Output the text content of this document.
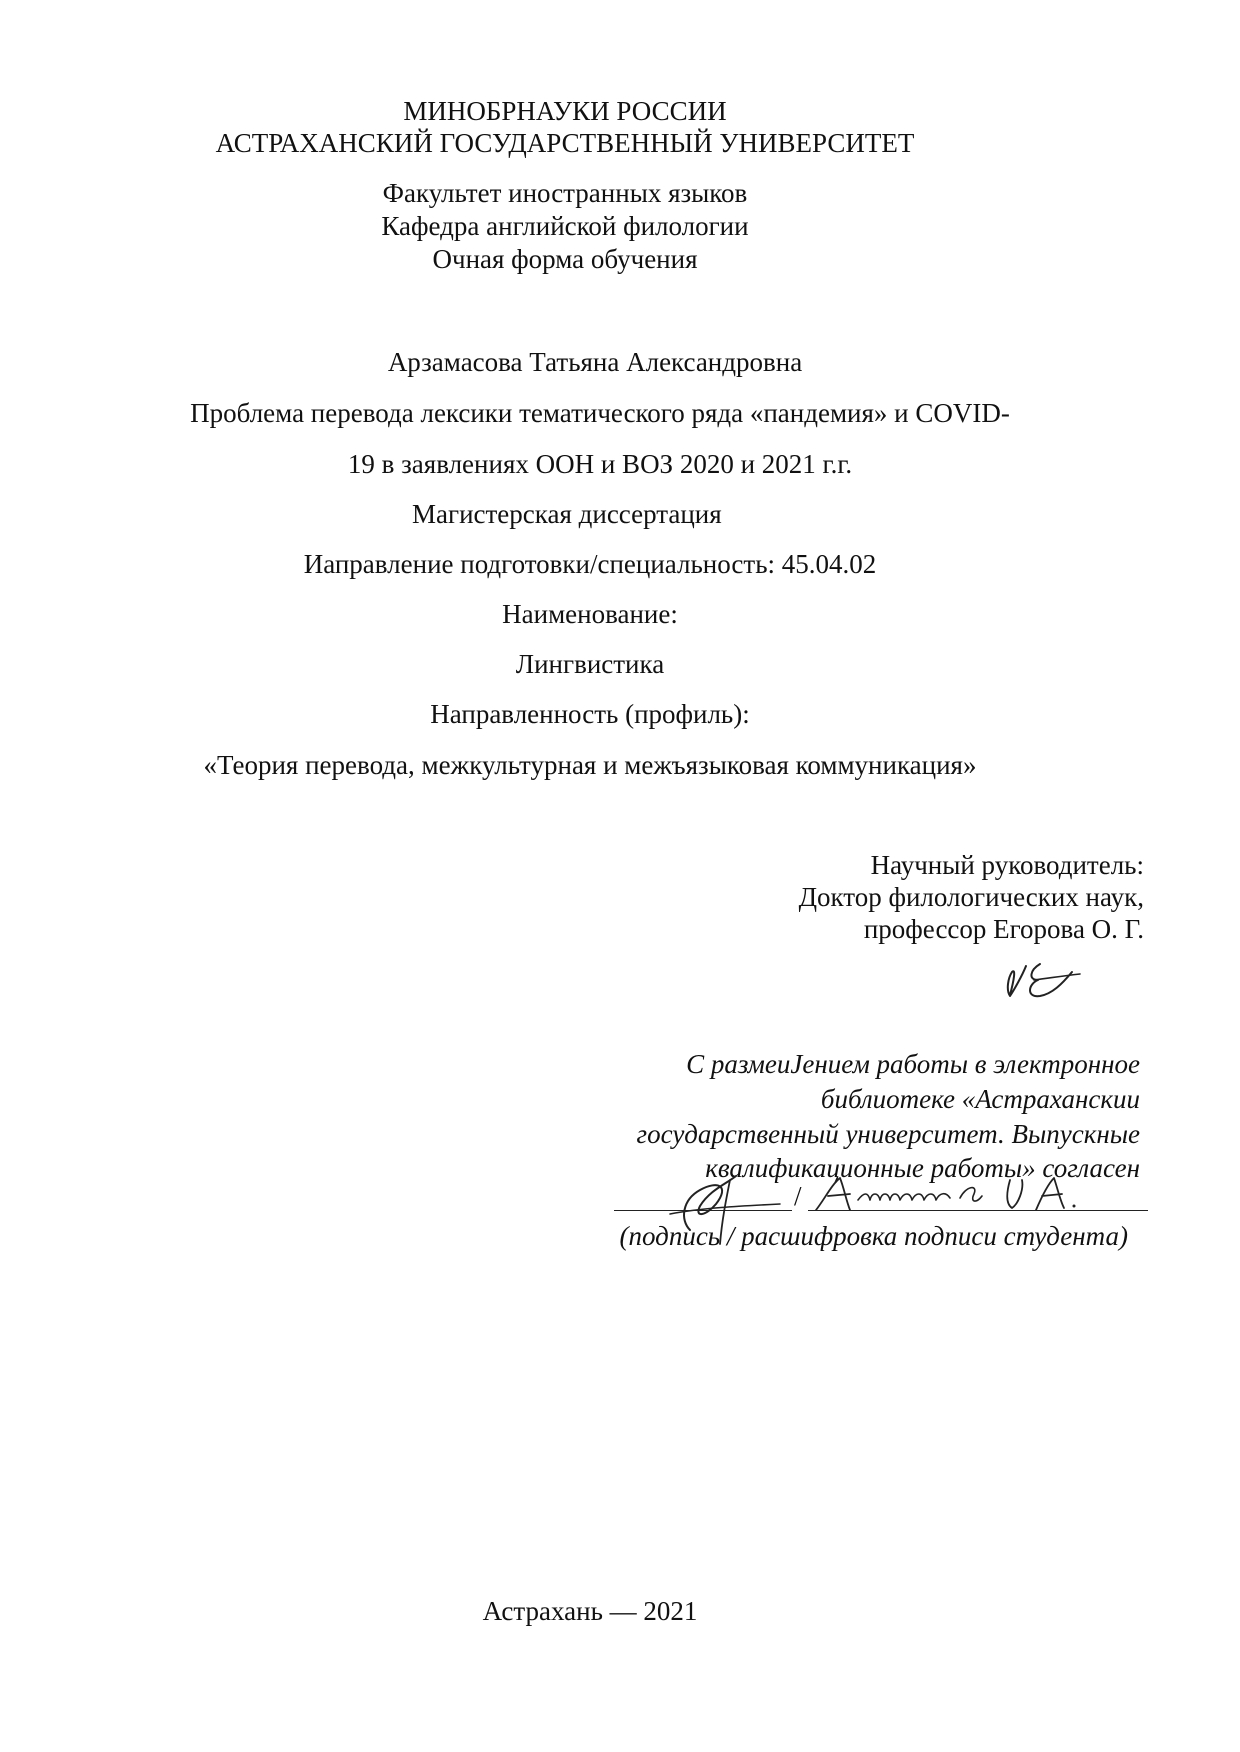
МИНОБРНАУКИ РОССИИ
АСТРАХАНСКИЙ ГОСУДАРСТВЕННЫЙ УНИВЕРСИТЕТ
Факультет иностранных языков
Кафедра английской филологии
Очная форма обучения
Арзамасова Татьяна Александровна
Проблема перевода лексики тематического ряда «пандемия» и COVID-
19 в заявлениях ООН и ВОЗ 2020 и 2021 г.г.
Магистерская диссертация
Иаправление подготовки/специальность: 45.04.02
Наименование:
Лингвистика
Направленность (профиль):
«Теория перевода, межкультурная и межъязыковая коммуникация»
Научный руководитель:
Доктор филологических наук,
профессор Егорова О. Г.
С размеиJением работы в электронное
библиотеке «Астраханскии
государственный университет. Выпускные
квалификационные работы» согласен
/
(подпись / расшифровка подписи студента)
Астрахань — 2021
